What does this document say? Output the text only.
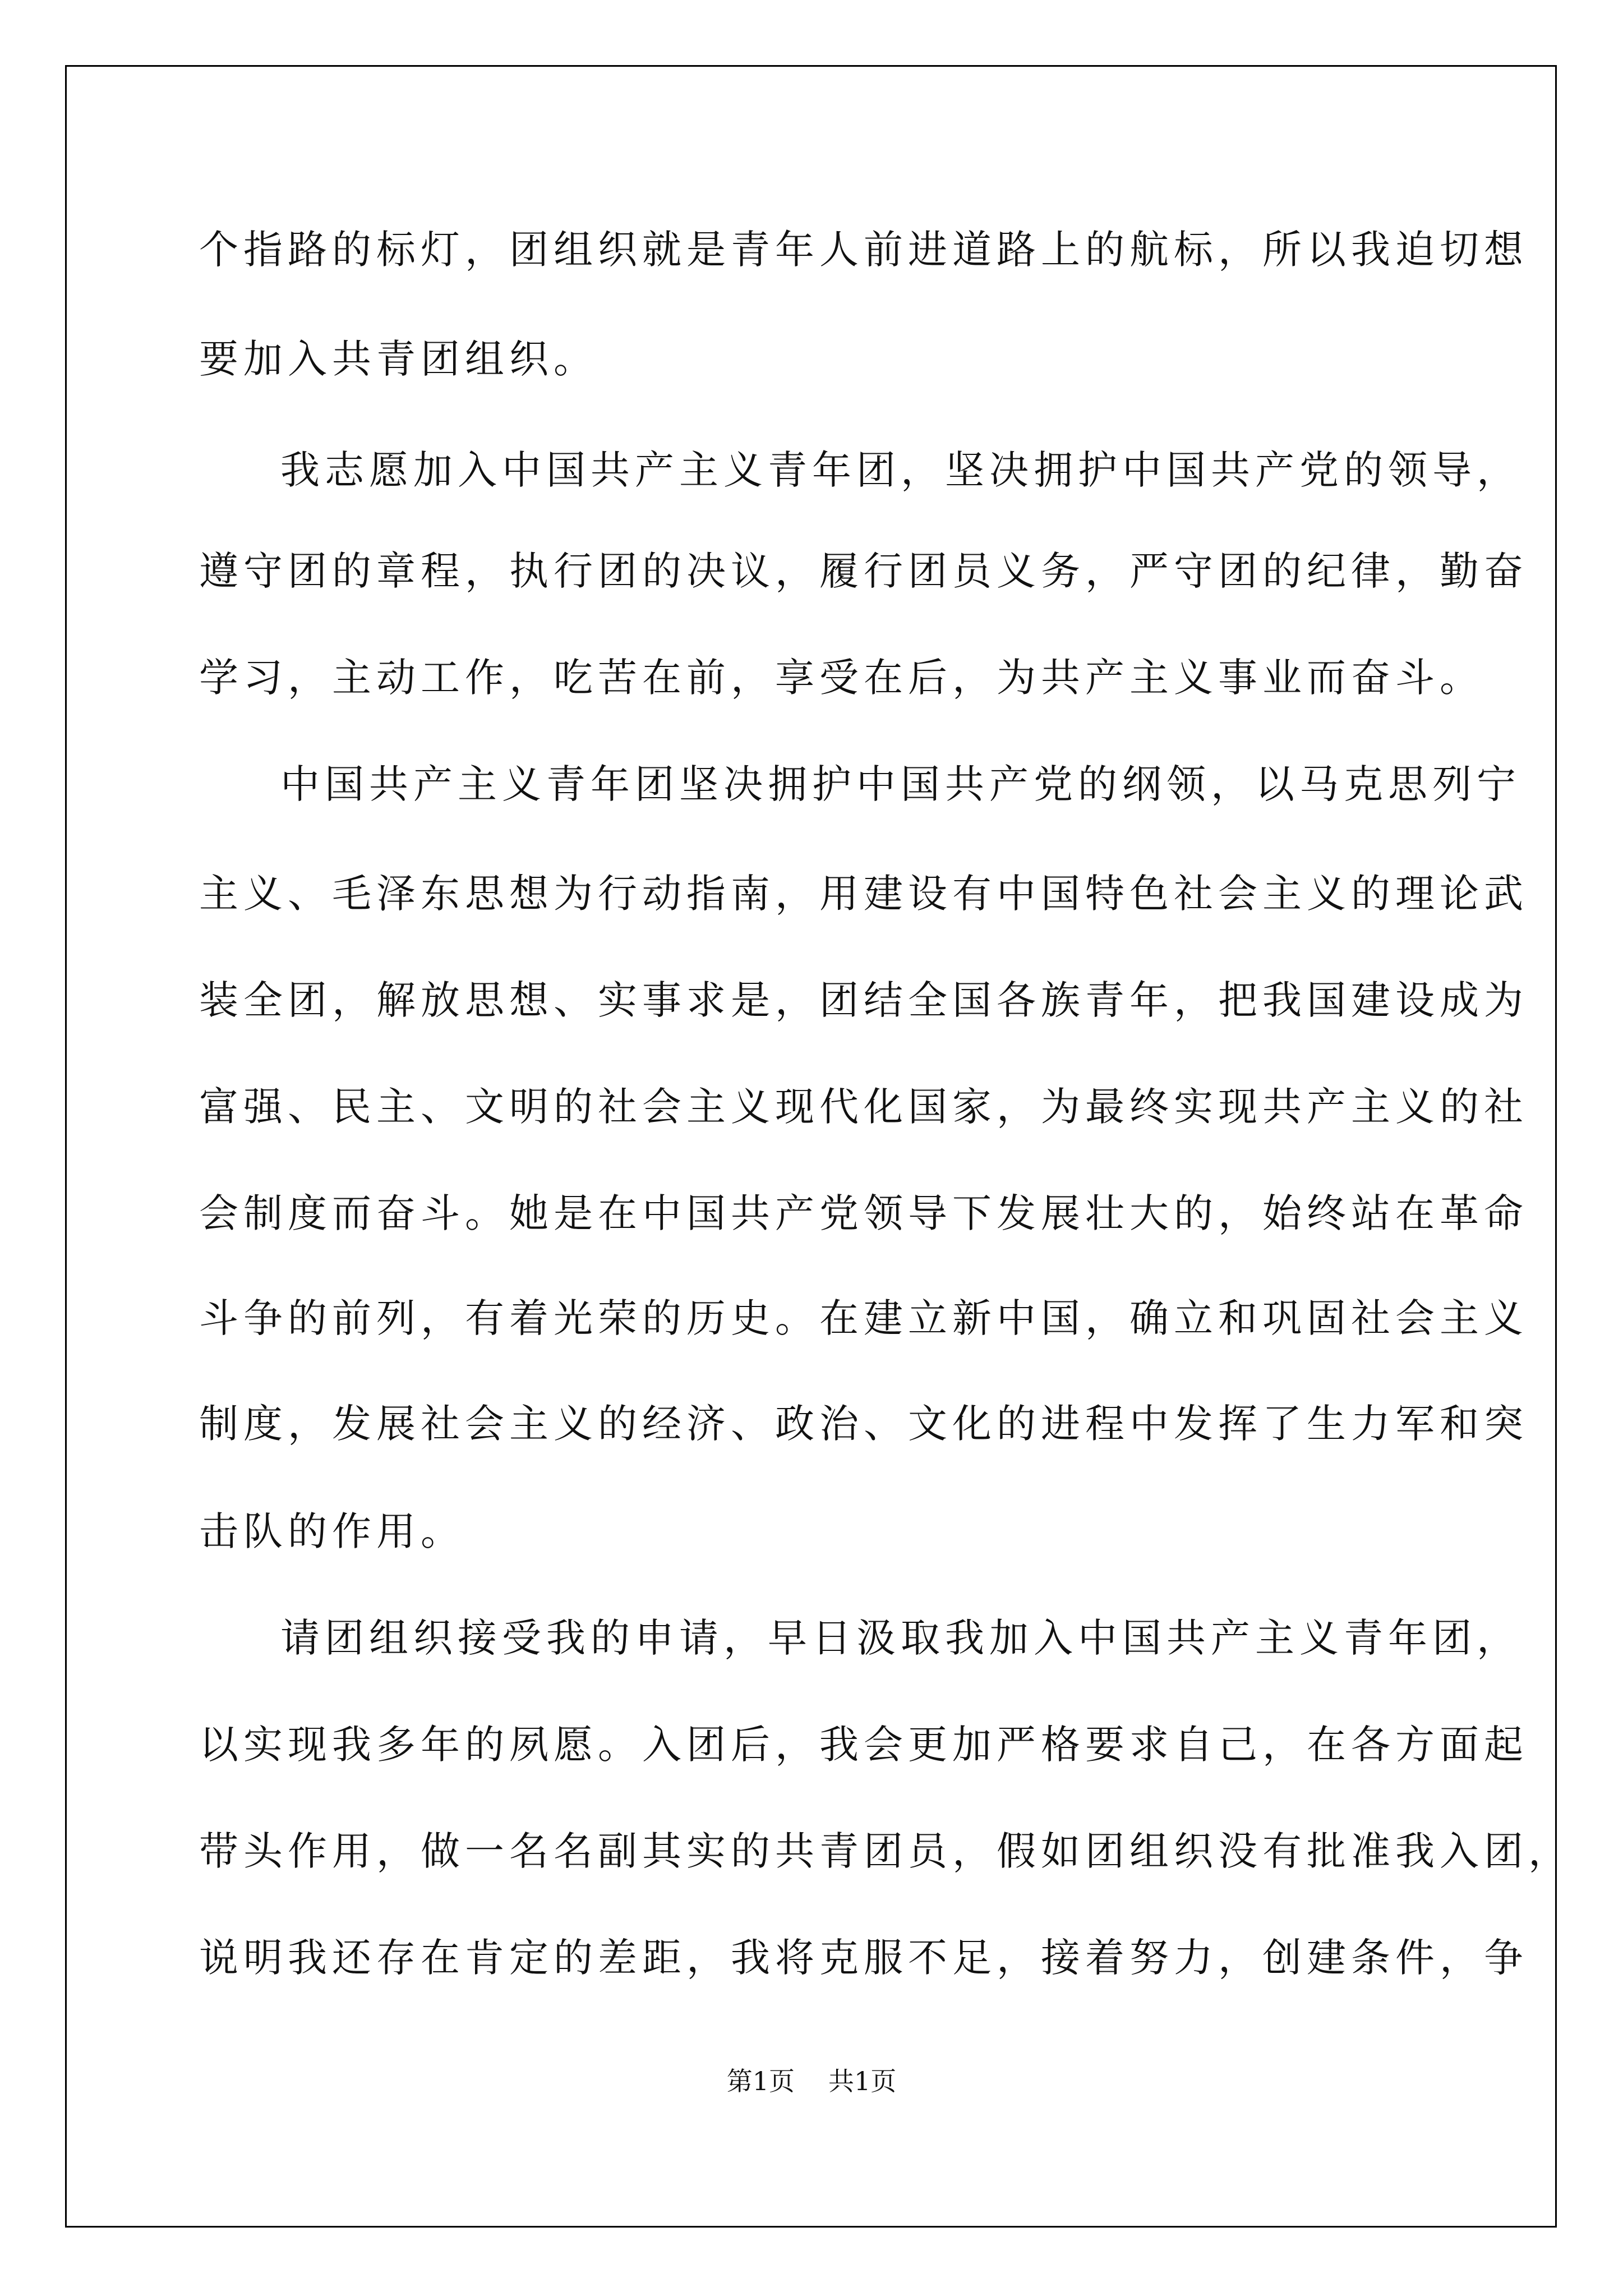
个指路的标灯，团组织就是青年人前进道路上的航标，所以我迫切想

要加入共青团组织。

我志愿加入中国共产主义青年团，坚决拥护中国共产党的领导，

遵守团的章程，执行团的决议，履行团员义务，严守团的纪律，勤奋

学习，主动工作，吃苦在前，享受在后，为共产主义事业而奋斗。

中国共产主义青年团坚决拥护中国共产党的纲领，以马克思列宁

主义、毛泽东思想为行动指南，用建设有中国特色社会主义的理论武

装全团，解放思想、实事求是，团结全国各族青年，把我国建设成为

富强、民主、文明的社会主义现代化国家，为最终实现共产主义的社

会制度而奋斗。她是在中国共产党领导下发展壮大的，始终站在革命

斗争的前列，有着光荣的历史。在建立新中国，确立和巩固社会主义

制度，发展社会主义的经济、政治、文化的进程中发挥了生力军和突

击队的作用。

请团组织接受我的申请，早日汲取我加入中国共产主义青年团，

以实现我多年的夙愿。入团后，我会更加严格要求自己，在各方面起

带头作用，做一名名副其实的共青团员，假如团组织没有批准我入团，

说明我还存在肯定的差距，我将克服不足，接着努力，创建条件，争

第1页 共1页
